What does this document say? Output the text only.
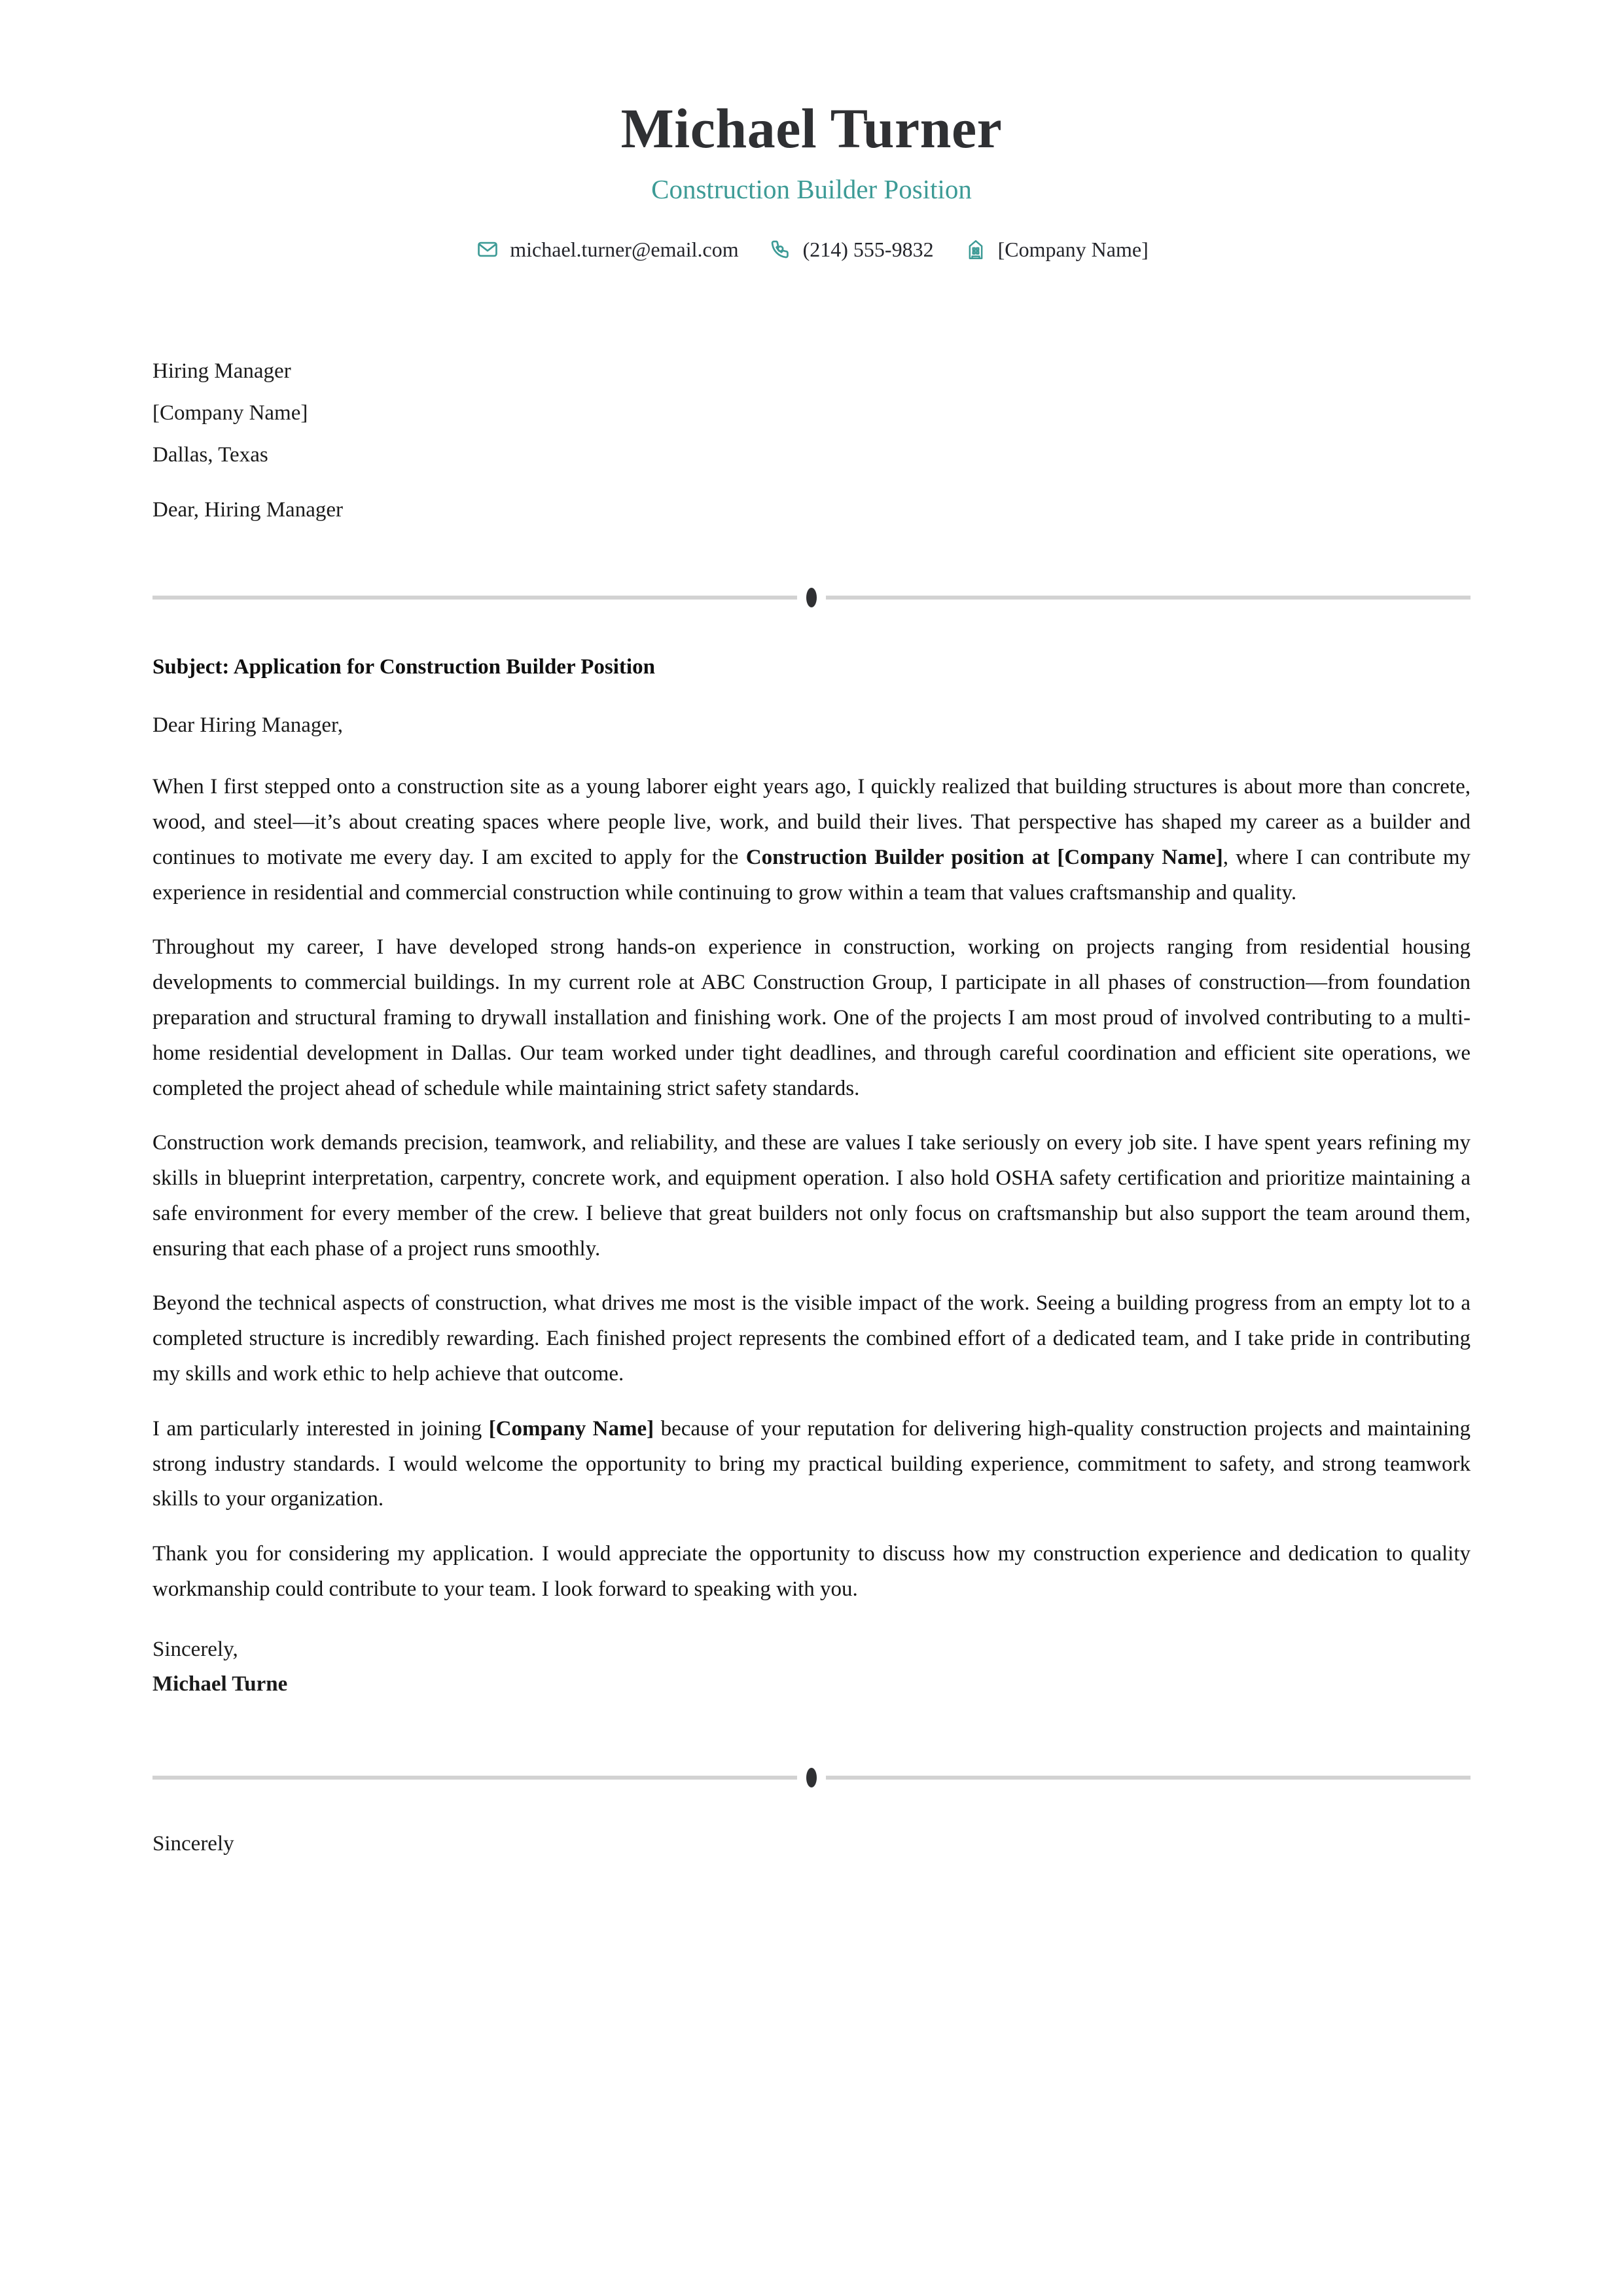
Michael Turner
Construction Builder Position
michael.turner@email.com	(214) 555-9832	[Company Name]
Hiring Manager
[Company Name]
Dallas, Texas
Dear, Hiring Manager
Subject: Application for Construction Builder Position
Dear Hiring Manager,

When I first stepped onto a construction site as a young laborer eight years ago, I quickly realized that building structures is about more than concrete, wood, and steel—it’s about creating spaces where people live, work, and build their lives. That perspective has shaped my career as a builder and continues to motivate me every day. I am excited to apply for the Construction Builder position at [Company Name], where I can contribute my experience in residential and commercial construction while continuing to grow within a team that values craftsmanship and quality.

Throughout my career, I have developed strong hands-on experience in construction, working on projects ranging from residential housing developments to commercial buildings. In my current role at ABC Construction Group, I participate in all phases of construction—from foundation preparation and structural framing to drywall installation and finishing work. One of the projects I am most proud of involved contributing to a multi-home residential development in Dallas. Our team worked under tight deadlines, and through careful coordination and efficient site operations, we completed the project ahead of schedule while maintaining strict safety standards.

Construction work demands precision, teamwork, and reliability, and these are values I take seriously on every job site. I have spent years refining my skills in blueprint interpretation, carpentry, concrete work, and equipment operation. I also hold OSHA safety certification and prioritize maintaining a safe environment for every member of the crew. I believe that great builders not only focus on craftsmanship but also support the team around them, ensuring that each phase of a project runs smoothly.

Beyond the technical aspects of construction, what drives me most is the visible impact of the work. Seeing a building progress from an empty lot to a completed structure is incredibly rewarding. Each finished project represents the combined effort of a dedicated team, and I take pride in contributing my skills and work ethic to help achieve that outcome.

I am particularly interested in joining [Company Name] because of your reputation for delivering high-quality construction projects and maintaining strong industry standards. I would welcome the opportunity to bring my practical building experience, commitment to safety, and strong teamwork skills to your organization.

Thank you for considering my application. I would appreciate the opportunity to discuss how my construction experience and dedication to quality workmanship could contribute to your team. I look forward to speaking with you.

Sincerely,
Michael Turne
Sincerely
